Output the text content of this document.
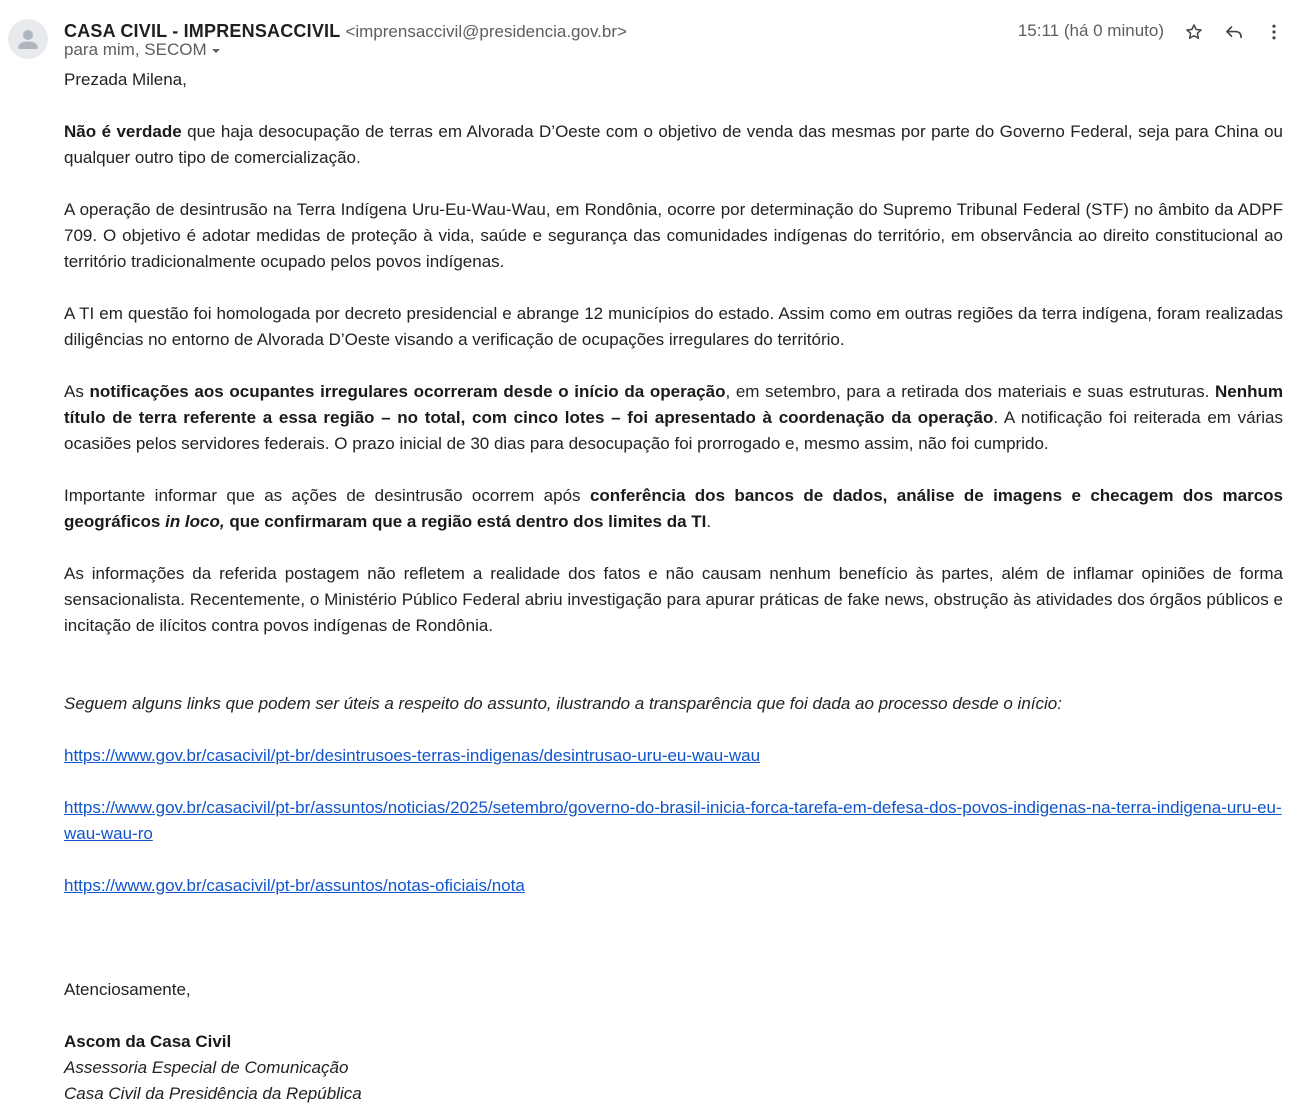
CASA CIVIL - IMPRENSACCIVIL <imprensaccivil@presidencia.gov.br>
para mim, SECOM
15:11 (há 0 minuto)

Prezada Milena,

Não é verdade que haja desocupação de terras em Alvorada D’Oeste com o objetivo de venda das mesmas por parte do Governo Federal, seja para China ou qualquer outro tipo de comercialização.

A operação de desintrusão na Terra Indígena Uru-Eu-Wau-Wau, em Rondônia, ocorre por determinação do Supremo Tribunal Federal (STF) no âmbito da ADPF 709. O objetivo é adotar medidas de proteção à vida, saúde e segurança das comunidades indígenas do território, em observância ao direito constitucional ao território tradicionalmente ocupado pelos povos indígenas.

A TI em questão foi homologada por decreto presidencial e abrange 12 municípios do estado. Assim como em outras regiões da terra indígena, foram realizadas diligências no entorno de Alvorada D’Oeste visando a verificação de ocupações irregulares do território.

As notificações aos ocupantes irregulares ocorreram desde o início da operação, em setembro, para a retirada dos materiais e suas estruturas. Nenhum título de terra referente a essa região – no total, com cinco lotes – foi apresentado à coordenação da operação. A notificação foi reiterada em várias ocasiões pelos servidores federais. O prazo inicial de 30 dias para desocupação foi prorrogado e, mesmo assim, não foi cumprido.

Importante informar que as ações de desintrusão ocorrem após conferência dos bancos de dados, análise de imagens e checagem dos marcos geográficos in loco, que confirmaram que a região está dentro dos limites da TI.

As informações da referida postagem não refletem a realidade dos fatos e não causam nenhum benefício às partes, além de inflamar opiniões de forma sensacionalista. Recentemente, o Ministério Público Federal abriu investigação para apurar práticas de fake news, obstrução às atividades dos órgãos públicos e incitação de ilícitos contra povos indígenas de Rondônia.

Seguem alguns links que podem ser úteis a respeito do assunto, ilustrando a transparência que foi dada ao processo desde o início:

https://www.gov.br/casacivil/pt-br/desintrusoes-terras-indigenas/desintrusao-uru-eu-wau-wau

https://www.gov.br/casacivil/pt-br/assuntos/noticias/2025/setembro/governo-do-brasil-inicia-forca-tarefa-em-defesa-dos-povos-indigenas-na-terra-indigena-uru-eu-wau-wau-ro

https://www.gov.br/casacivil/pt-br/assuntos/notas-oficiais/nota

Atenciosamente,

Ascom da Casa Civil

Assessoria Especial de Comunicação

Casa Civil da Presidência da República
